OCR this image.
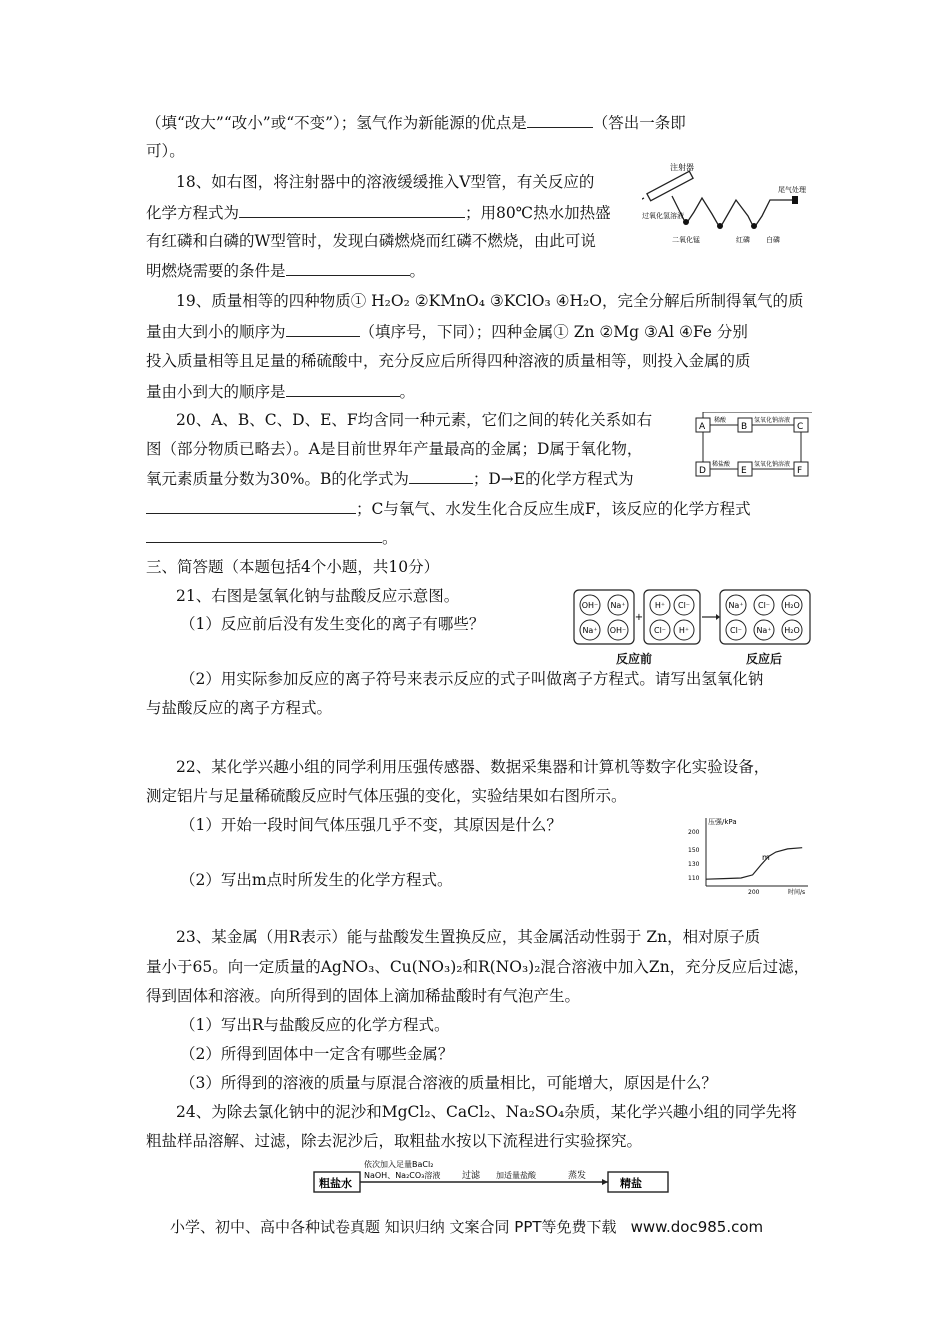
（填“改大”“改小”或“不变”）；氢气作为新能源的优点是	（答出一条即
可）。
18、如右图，将注射器中的溶液缓缓推入V型管，有关反应的
化学方程式为	；用80℃热水加热盛
有红磷和白磷的W型管时，发现白磷燃烧而红磷不燃烧，由此可说
明燃烧需要的条件是	。
注射器
过氧化氢溶液
二氧化锰	红磷 白磷
尾气处理
19、质量相等的四种物质① H₂O₂ ②KMnO₄ ③KClO₃ ④H₂O，完全分解后所制得氧气的质
量由大到小的顺序为	（填序号，下同）；四种金属① Zn ②Mg ③Al ④Fe 分别
投入质量相等且足量的稀硫酸中，充分反应后所得四种溶液的质量相等，则投入金属的质
量由小到大的顺序是	。
20、A、B、C、D、E、F均含同一种元素，它们之间的转化关系如右
图（部分物质已略去）。A是目前世界年产量最高的金属；D属于氧化物，
氧元素质量分数为30%。B的化学式为	；D→E的化学方程式为
；C与氧气、水发生化合反应生成F，该反应的化学方程式
。
A	B	C
D	E	F
稀酸	氢氧化钠溶液
稀盐酸	氢氧化钠溶液
三、简答题（本题包括4个小题，共10分）
21、右图是氢氧化钠与盐酸反应示意图。
（1）反应前后没有发生变化的离子有哪些？
（2）用实际参加反应的离子符号来表示反应的式子叫做离子方程式。请写出氢氧化钠
与盐酸反应的离子方程式。
OH⁻ Na⁺
Na⁺ OH⁻
H⁺ Cl⁻
Cl⁻ H⁺
Na⁺ Cl⁻ H₂O
Cl⁻ Na⁺ H₂O
+
反应前	反应后
22、某化学兴趣小组的同学利用压强传感器、数据采集器和计算机等数字化实验设备，
测定铝片与足量稀硫酸反应时气体压强的变化，实验结果如右图所示。
（1）开始一段时间气体压强几乎不变，其原因是什么？
（2）写出m点时所发生的化学方程式。
压强/kPa
时间/s
200
150
130
110
200
m
23、某金属（用R表示）能与盐酸发生置换反应，其金属活动性弱于 Zn，相对原子质
量小于65。向一定质量的AgNO₃、Cu(NO₃)₂和R(NO₃)₂混合溶液中加入Zn，充分反应后过滤，
得到固体和溶液。向所得到的固体上滴加稀盐酸时有气泡产生。
（1）写出R与盐酸反应的化学方程式。
（2）所得到固体中一定含有哪些金属？
（3）所得到的溶液的质量与原混合溶液的质量相比，可能增大，原因是什么？
24、为除去氯化钠中的泥沙和MgCl₂、CaCl₂、Na₂SO₄杂质，某化学兴趣小组的同学先将
粗盐样品溶解、过滤，除去泥沙后，取粗盐水按以下流程进行实验探究。
粗盐水	精盐
依次加入足量BaCl₂
NaOH、Na₂CO₃溶液 过滤 加适量盐酸	蒸发
小学、初中、高中各种试卷真题 知识归纳 文案合同 PPT等免费下载 www.doc985.com
